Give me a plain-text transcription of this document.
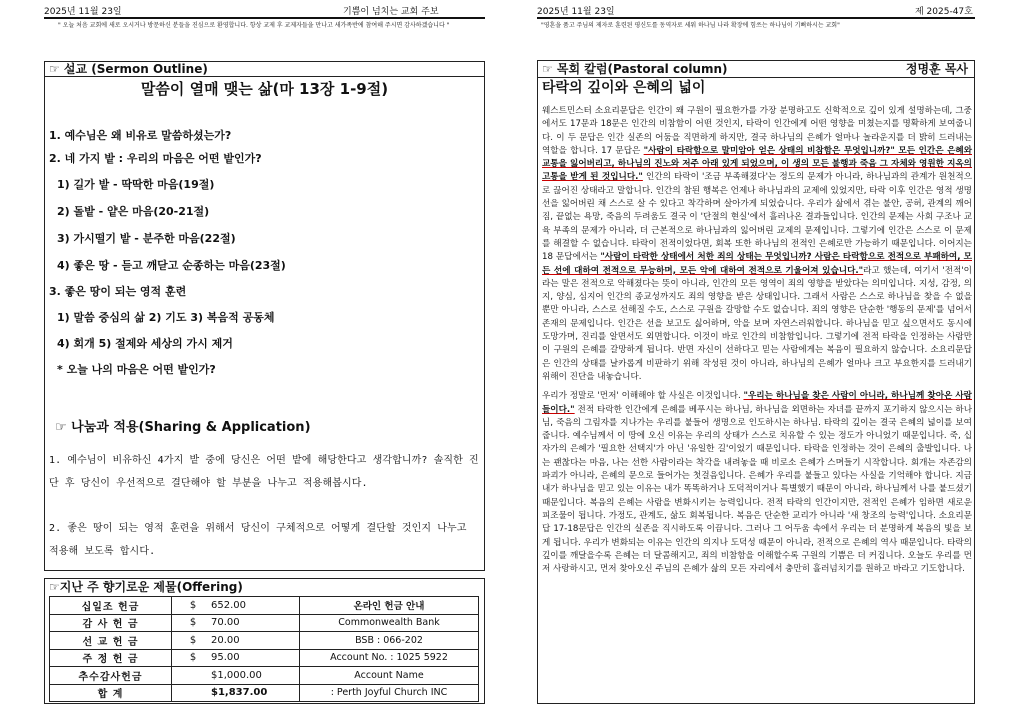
2025년 11월 23일	기쁨이 넘치는 교회 주보
" 오늘 처음 교회에 새로 오시거나 방문하신 분들을 진심으로 환영합니다. 항상 교제 후 교제자들을 만나고 새가족반에 참여해 주시면 감사하겠습니다 "
2025년 11월 23일	제 2025-47호
"영혼을 품고 주님의 제자로 훈련된 평신도를 동역자로 세워 하나님 나라 확장에 힘쓰는 하나님이 기뻐하시는 교회"
☞ 설교 (Sermon Outline)
말씀이 열매 맺는 삶(마 13장 1-9절)
1. 예수님은 왜 비유로 말씀하셨는가?
2. 네 가지 밭 : 우리의 마음은 어떤 밭인가?
1) 길가 밭 - 딱딱한 마음(19절)
2) 돌밭 - 얕은 마음(20-21절)
3) 가시떨기 밭 - 분주한 마음(22절)
4) 좋은 땅 - 듣고 깨닫고 순종하는 마음(23절)
3. 좋은 땅이 되는 영적 훈련
1) 말씀 중심의 삶 2) 기도 3) 복음적 공동체
4) 회개 5) 절제와 세상의 가시 제거
* 오늘 나의 마음은 어떤 밭인가?
☞ 나눔과 적용(Sharing & Application)
1. 예수님이 비유하신 4가지 밭 중에 당신은 어떤 밭에 해당한다고 생각합니까? 솔직한 진단 후 당신이 우선적으로 결단해야 할 부분을 나누고 적용해봅시다.
2. 좋은 땅이 되는 영적 훈련을 위해서 당신이 구체적으로 어떻게 결단할 것인지 나누고 적용해 보도록 합시다.
☞지난 주 향기로운 제물(Offering)
십일조 헌금	$ 652.00	온라인 헌금 안내
감 사 헌 금	$ 70.00	Commonwealth Bank
선 교 헌 금	$ 20.00	BSB : 066-202
주 정 헌 금	$ 95.00	Account No. : 1025 5922
추수감사헌금	$1,000.00	Account Name
합 계	$1,837.00	: Perth Joyful Church INC
☞ 목회 칼럼(Pastoral column)	정명훈 목사
타락의 깊이와 은혜의 넓이

웨스트민스터 소요리문답은 인간이 왜 구원이 필요한가를 가장 분명하고도 신학적으로 깊이 있게 설명하는데, 그중에서도 17문과 18문은 인간의 비참함이 어떤 것인지, 타락이 인간에게 어떤 영향을 미쳤는지를 명확하게 보여줍니다. 이 두 문답은 인간 실존의 어둠을 직면하게 하지만, 결국 하나님의 은혜가 얼마나 놀라운지를 더 밝히 드러내는 역할을 합니다. 17 문답은 "사람이 타락함으로 말미암아 얻은 상태의 비참함은 무엇입니까?" 모든 인간은 은혜와 교통을 잃어버리고, 하나님의 진노와 저주 아래 있게 되었으며, 이 생의 모든 불행과 죽음 그 자체와 영원한 지옥의 고통을 받게 된 것입니다." 인간의 타락이 '조금 부족해졌다'는 정도의 문제가 아니라, 하나님과의 관계가 원천적으로 끊어진 상태라고 말합니다. 인간의 참된 행복은 언제나 하나님과의 교제에 있었지만, 타락 이후 인간은 영적 생명선을 잃어버린 채 스스로 살 수 있다고 착각하며 살아가게 되었습니다. 우리가 삶에서 겪는 불안, 공허, 관계의 깨어짐, 끝없는 욕망, 죽음의 두려움도 결국 이 '단절의 현실'에서 흘러나온 결과들입니다. 인간의 문제는 사회 구조나 교육 부족의 문제가 아니라, 더 근본적으로 하나님과의 잃어버린 교제의 문제입니다. 그렇기에 인간은 스스로 이 문제를 해결할 수 없습니다. 타락이 전적이었다면, 회복 또한 하나님의 전적인 은혜로만 가능하기 때문입니다. 이어지는 18 문답에서는 "사람이 타락한 상태에서 처한 죄의 상태는 무엇입니까? 사람은 타락함으로 전적으로 부패하여, 모든 선에 대하여 전적으로 무능하며, 모든 악에 대하여 전적으로 기울어져 있습니다."라고 했는데, 여기서 '전적'이라는 말은 전적으로 악해졌다는 뜻이 아니라, 인간의 모든 영역이 죄의 영향을 받았다는 의미입니다. 지성, 감정, 의지, 양심, 심지어 인간의 종교성까지도 죄의 영향을 받은 상태입니다. 그래서 사람은 스스로 하나님을 찾을 수 없을 뿐만 아니라, 스스로 선해질 수도, 스스로 구원을 갈망할 수도 없습니다. 죄의 영향은 단순한 '행동의 문제'를 넘어서 존재의 문제입니다. 인간은 선을 보고도 싫어하며, 악을 보며 자연스러워합니다. 하나님을 믿고 싶으면서도 동시에 도망가며, 진리를 알면서도 외면합니다. 이것이 바로 인간의 비참함입니다. 그렇기에 전적 타락을 인정하는 사람만이 구원의 은혜를 갈망하게 됩니다. 반면 자신이 선하다고 믿는 사람에게는 복음이 필요하지 않습니다. 소요리문답은 인간의 상태를 날카롭게 비판하기 위해 작성된 것이 아니라, 하나님의 은혜가 얼마나 크고 부요한지를 드러내기 위해이 진단을 내놓습니다.

우리가 정말로 '먼저' 이해해야 할 사실은 이것입니다. "우리는 하나님을 찾은 사람이 아니라, 하나님께 찾아온 사람들이다." 전적 타락한 인간에게 은혜를 베푸시는 하나님, 하나님을 외면하는 자녀를 끝까지 포기하지 않으시는 하나님, 죽음의 그림자를 지나가는 우리를 붙들어 생명으로 인도하시는 하나님. 타락의 깊이는 결국 은혜의 넓이를 보여줍니다. 예수님께서 이 땅에 오신 이유는 우리의 상태가 스스로 치유할 수 있는 정도가 아니었기 때문입니다. 죽, 십자가의 은혜가 '필요한 선택지'가 아닌 '유일한 길'이었기 때문입니다. 타락을 인정하는 것이 은혜의 출발입니다. 나는 괜찮다는 마음, 나는 선한 사람이라는 착각을 내려놓을 때 비로소 은혜가 스며들기 시작합니다. 회개는 자존감의 파괴가 아니라, 은혜의 문으로 들어가는 첫걸음입니다. 은혜가 우리를 붙들고 있다는 사실을 기억해야 합니다. 지금 내가 하나님을 믿고 있는 이유는 내가 똑똑하거나 도덕적이거나 특별했기 때문이 아니라, 하나님께서 나를 붙드셨기 때문입니다. 복음의 은혜는 사람을 변화시키는 능력입니다. 전적 타락의 인간이지만, 전적인 은혜가 임하면 새로운 피조물이 됩니다. 가정도, 관계도, 삶도 회복됩니다. 복음은 단순한 교리가 아니라 '새 창조의 능력'입니다. 소요리문답 17-18문답은 인간의 실존을 직시하도록 이끕니다. 그러나 그 어두움 속에서 우리는 더 분명하게 복음의 빛을 보게 됩니다. 우리가 변화되는 이유는 인간의 의지나 도덕성 때문이 아니라, 전적으로 은혜의 역사 때문입니다. 타락의 깊이를 깨달을수록 은혜는 더 달콤해지고, 죄의 비참함을 이해할수록 구원의 기쁨은 더 커집니다. 오늘도 우리를 먼저 사랑하시고, 먼저 찾아오신 주님의 은혜가 삶의 모든 자리에서 충만히 흘러넘치기를 원하고 바라고 기도합니다.
